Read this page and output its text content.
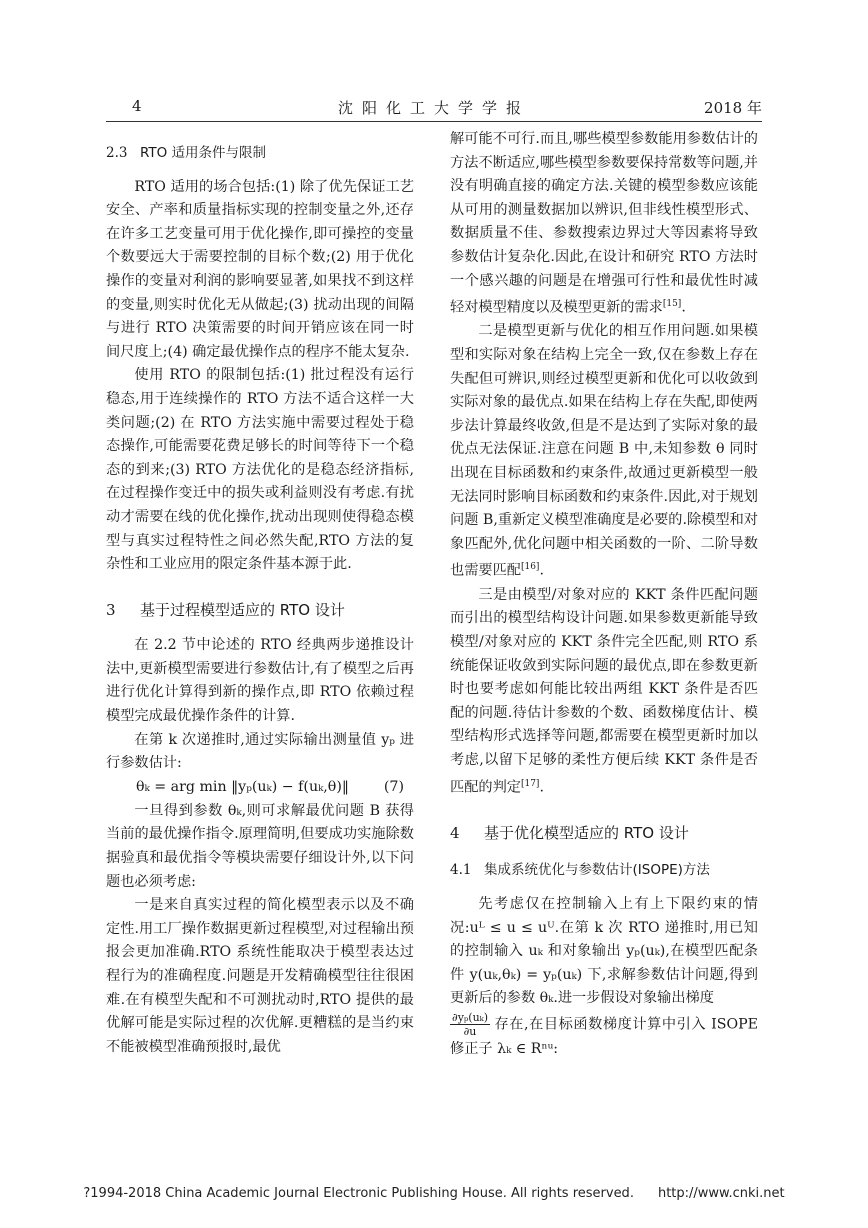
4	沈阳化工大学学报	2018 年
2.3 RTO 适用条件与限制

RTO 适用的场合包括:(1) 除了优先保证工艺安全、产率和质量指标实现的控制变量之外,还存在许多工艺变量可用于优化操作,即可操控的变量个数要远大于需要控制的目标个数;(2) 用于优化操作的变量对利润的影响要显著,如果找不到这样的变量,则实时优化无从做起;(3) 扰动出现的间隔与进行 RTO 决策需要的时间开销应该在同一时间尺度上;(4) 确定最优操作点的程序不能太复杂.

使用 RTO 的限制包括:(1) 批过程没有运行稳态,用于连续操作的 RTO 方法不适合这样一大类问题;(2) 在 RTO 方法实施中需要过程处于稳态操作,可能需要花费足够长的时间等待下一个稳态的到来;(3) RTO 方法优化的是稳态经济指标,在过程操作变迁中的损失或利益则没有考虑.有扰动才需要在线的优化操作,扰动出现则使得稳态模型与真实过程特性之间必然失配,RTO 方法的复杂性和工业应用的限定条件基本源于此.

3 基于过程模型适应的 RTO 设计

在 2.2 节中论述的 RTO 经典两步递推设计法中,更新模型需要进行参数估计,有了模型之后再进行优化计算得到新的操作点,即 RTO 依赖过程模型完成最优操作条件的计算.

在第 k 次递推时,通过实际输出测量值 yₚ 进行参数估计:

θₖ = arg min ‖yₚ(uₖ) − f(uₖ,θ)‖ (7)

一旦得到参数 θₖ,则可求解最优问题 B 获得当前的最优操作指令.原理简明,但要成功实施除数据验真和最优指令等模块需要仔细设计外,以下问题也必须考虑:

一是来自真实过程的简化模型表示以及不确定性.用工厂操作数据更新过程模型,对过程输出预报会更加准确.RTO 系统性能取决于模型表达过程行为的准确程度.问题是开发精确模型往往很困难.在有模型失配和不可测扰动时,RTO 提供的最优解可能是实际过程的次优解.更糟糕的是当约束不能被模型准确预报时,最优

解可能不可行.而且,哪些模型参数能用参数估计的方法不断适应,哪些模型参数要保持常数等问题,并没有明确直接的确定方法.关键的模型参数应该能从可用的测量数据加以辨识,但非线性模型形式、数据质量不佳、参数搜索边界过大等因素将导致参数估计复杂化.因此,在设计和研究 RTO 方法时一个感兴趣的问题是在增强可行性和最优性时减轻对模型精度以及模型更新的需求[15].

二是模型更新与优化的相互作用问题.如果模型和实际对象在结构上完全一致,仅在参数上存在失配但可辨识,则经过模型更新和优化可以收敛到实际对象的最优点.如果在结构上存在失配,即使两步法计算最终收敛,但是不是达到了实际对象的最优点无法保证.注意在问题 B 中,未知参数 θ 同时出现在目标函数和约束条件,故通过更新模型一般无法同时影响目标函数和约束条件.因此,对于规划问题 B,重新定义模型准确度是必要的.除模型和对象匹配外,优化问题中相关函数的一阶、二阶导数也需要匹配[16].

三是由模型/对象对应的 KKT 条件匹配问题而引出的模型结构设计问题.如果参数更新能导致模型/对象对应的 KKT 条件完全匹配,则 RTO 系统能保证收敛到实际问题的最优点,即在参数更新时也要考虑如何能比较出两组 KKT 条件是否匹配的问题.待估计参数的个数、函数梯度估计、模型结构形式选择等问题,都需要在模型更新时加以考虑,以留下足够的柔性方便后续 KKT 条件是否匹配的判定[17].

4 基于优化模型适应的 RTO 设计
4.1 集成系统优化与参数估计(ISOPE)方法

先考虑仅在控制输入上有上下限约束的情况:uᴸ ≤ u ≤ uᵁ.在第 k 次 RTO 递推时,用已知的控制输入 uₖ 和对象输出 yₚ(uₖ),在模型匹配条件 y(uₖ,θₖ) = yₚ(uₖ) 下,求解参数估计问题,得到更新后的参数 θₖ.进一步假设对象输出梯度

$\frac{\text{∂yₚ(uₖ)}}{\partial u}$ 存在,在目标函数梯度计算中引入 ISOPE 修正子 λₖ ∈ Rⁿᵘ:

?1994-2018 China Academic Journal Electronic Publishing House. All rights reserved. http://www.cnki.net
